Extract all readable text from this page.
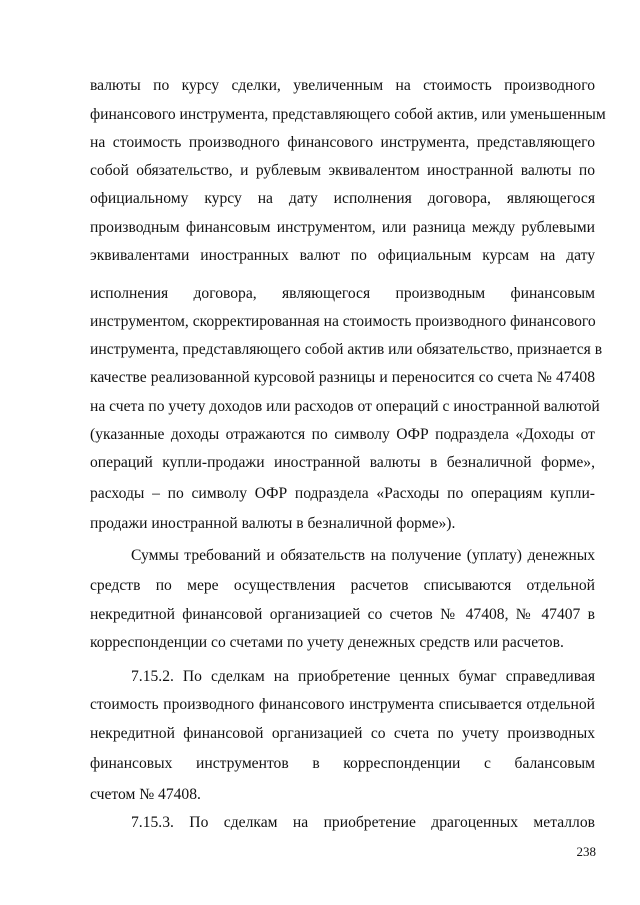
валюты по курсу сделки, увеличенным на стоимость производного
финансового инструмента, представляющего собой актив, или уменьшенным
на стоимость производного финансового инструмента, представляющего
собой обязательство, и рублевым эквивалентом иностранной валюты по
официальному курсу на дату исполнения договора, являющегося
производным финансовым инструментом, или разница между рублевыми
эквивалентами иностранных валют по официальным курсам на дату
исполнения договора, являющегося производным финансовым
инструментом, скорректированная на стоимость производного финансового
инструмента, представляющего собой актив или обязательство, признается в
качестве реализованной курсовой разницы и переносится со счета № 47408
на счета по учету доходов или расходов от операций с иностранной валютой
(указанные доходы отражаются по символу ОФР подраздела «Доходы от
операций купли-продажи иностранной валюты в безналичной форме»,
расходы – по символу ОФР подраздела «Расходы по операциям купли-
продажи иностранной валюты в безналичной форме»).
Суммы требований и обязательств на получение (уплату) денежных
средств по мере осуществления расчетов списываются отдельной
некредитной финансовой организацией со счетов № 47408, № 47407 в
корреспонденции со счетами по учету денежных средств или расчетов.
7.15.2. По сделкам на приобретение ценных бумаг справедливая
стоимость производного финансового инструмента списывается отдельной
некредитной финансовой организацией со счета по учету производных
финансовых инструментов в корреспонденции с балансовым
счетом № 47408.
7.15.3. По сделкам на приобретение драгоценных металлов
238
